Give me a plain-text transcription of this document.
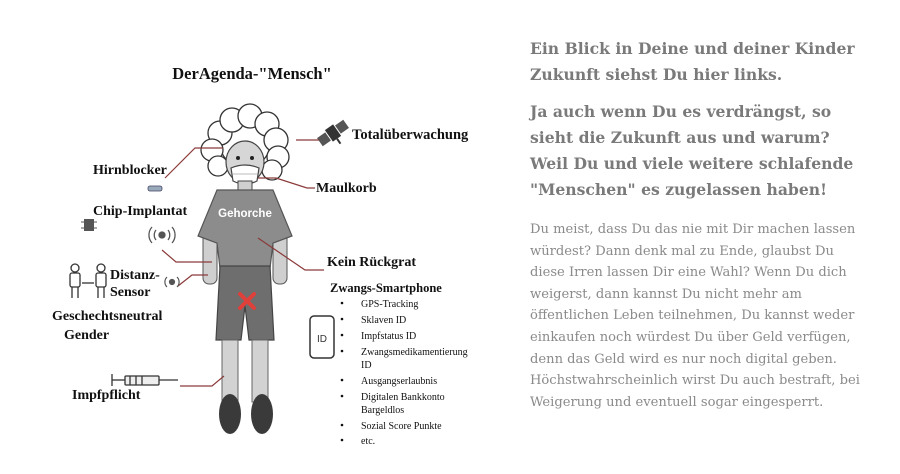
DerAgenda-"Mensch"
Totalüberwachung
Gehorche
Hirnblocker
Maulkorb
Chip-Implantat
Kein Rückgrat
Distanz-
Sensor	Zwangs-Smartphone
ID
GPS-Tracking
Sklaven ID
Impfstatus ID
Zwangsmedikamentierung
ID
Ausgangserlaubnis
Digitalen Bankkonto
Bargeldlos
Sozial Score Punkte
etc.
Geschechtsneutral
Gender
Impfpflicht

Ein Blick in Deine und deiner Kinder Zukunft siehst Du hier links.

Ja auch wenn Du es verdrängst, so sieht die Zukunft aus und warum? Weil Du und viele weitere schlafende "Menschen" es zugelassen haben!

Du meist, dass Du das nie mit Dir machen lassen würdest? Dann denk mal zu Ende, glaubst Du diese Irren lassen Dir eine Wahl? Wenn Du dich weigerst, dann kannst Du nicht mehr am öffentlichen Leben teilnehmen, Du kannst weder einkaufen noch würdest Du über Geld verfügen, denn das Geld wird es nur noch digital geben. Höchstwahrscheinlich wirst Du auch bestraft, bei Weigerung und eventuell sogar eingesperrt.
